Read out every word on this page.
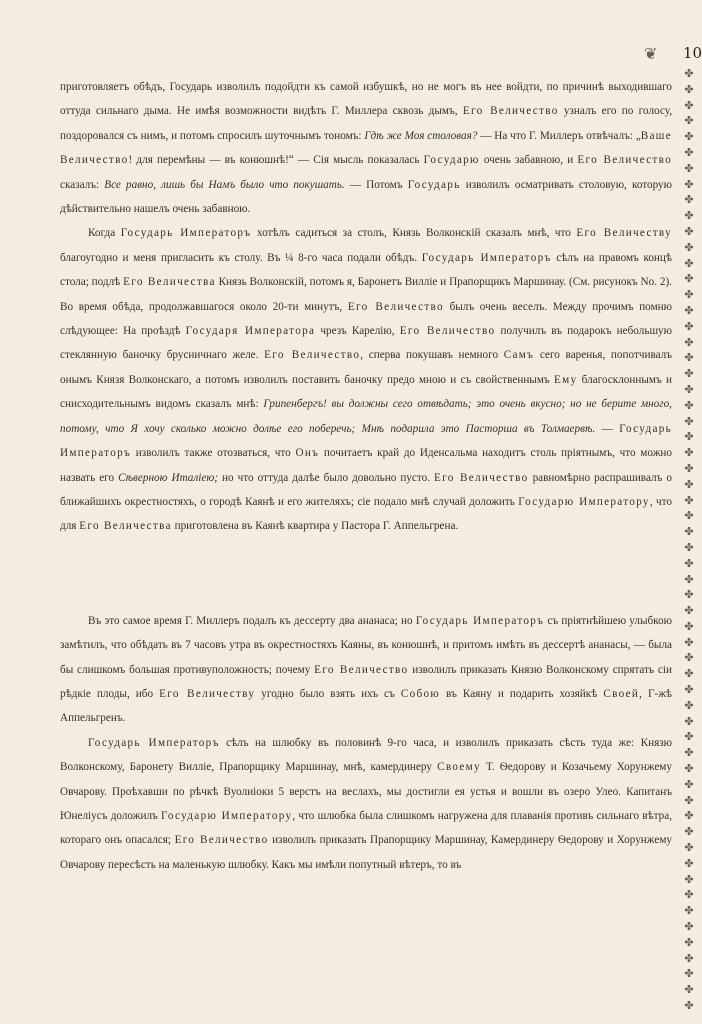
❦ 10
✤ ✤ ✤ ✤ ✤ ✤ ✤ ✤ ✤ ✤ ✤ ✤ ✤ ✤ ✤ ✤ ✤ ✤ ✤ ✤ ✤ ✤ ✤ ✤ ✤ ✤ ✤ ✤ ✤ ✤ ✤ ✤ ✤ ✤ ✤ ✤ ✤ ✤ ✤ ✤ ✤ ✤ ✤ ✤ ✤ ✤ ✤ ✤ ✤ ✤ ✤ ✤ ✤ ✤ ✤ ✤ ✤ ✤ ✤ ✤

приготовляетъ обѣдъ, Государь изволилъ подойдти къ самой избушкѣ, но не могъ въ нее войдти, по причинѣ выходившаго оттуда сильнаго дыма. Не имѣя возможности видѣть Г. Миллера сквозь дымъ, Его Величество узналъ его по голосу, поздоровался съ нимъ, и потомъ спросилъ шуточнымъ тономъ: Гдѣ же Моя столовая? — На что Г. Миллеръ отвѣчалъ: „Ваше Величество! для перемѣны — въ конюшнѣ!“ — Сія мысль показалась Государю очень забавною, и Его Величество сказалъ: Все равно, лишь бы Намъ было что покушать. — Потомъ Государь изволилъ осматривать столовую, которую дѣйствительно нашелъ очень забавною.

Когда Государь Императоръ хотѣлъ садиться за столъ, Князь Волконскій сказалъ мнѣ, что Его Величеству благоугодно и меня пригласить къ столу. Въ ¼ 8-го часа подали обѣдъ. Государь Императоръ сѣлъ на правомъ концѣ стола; подлѣ Его Величества Князь Волконскій, потомъ я, Баронетъ Вилліе и Прапорщикъ Маршинау. (См. рисунокъ No. 2). Во время обѣда, продолжавшагося около 20-ти минутъ, Его Величество былъ очень веселъ. Между прочимъ помню слѣдующее: На проѣздѣ Государя Императора чрезъ Карелію, Его Величество получилъ въ подарокъ небольшую стеклянную баночку брусничнаго желе. Его Величество, сперва покушавъ немного Самъ сего варенья, попотчивалъ онымъ Князя Волконскаго, а потомъ изволилъ поставить баночку предо мною и съ свойственнымъ Ему благосклоннымъ и снисходительнымъ видомъ сказалъ мнѣ: Грипенбергъ! вы должны сего отвѣдать; это очень вкусно; но не берите много, потому, что Я хочу сколько можно долѣе его поберечь; Мнѣ подарила это Пасторша въ Толмаервѣ. — Государь Императоръ изволилъ также отозваться, что Онъ почитаетъ край до Иденсальма находитъ столь пріятнымъ, что можно назвать его Сѣверною Италіею; но что оттуда далѣе было довольно пусто. Его Величество равномѣрно распрашивалъ о ближайшихъ окрестностяхъ, о городѣ Каянѣ и его жителяхъ; сіе подало мнѣ случай доложить Государю Императору, что для Его Величества приготовлена въ Каянѣ квартира у Пастора Г. Аппельгрена.

Въ это самое время Г. Миллеръ подалъ къ дессерту два ананаса; но Государь Императоръ съ пріятнѣйшею улыбкою замѣтилъ, что обѣдать въ 7 часовъ утра въ окрестностяхъ Каяны, въ конюшнѣ, и притомъ имѣть въ дессертѣ ананасы, — была бы слишкомъ большая противуположность; почему Его Величество изволилъ приказать Князю Волконскому спрятать сіи рѣдкіе плоды, ибо Его Величеству угодно было взять ихъ съ Собою въ Каяну и подарить хозяйкѣ Своей, Г-жѣ Аппельгренъ.

Государь Императоръ сѣлъ на шлюбку въ половинѣ 9-го часа, и изволилъ приказать сѣсть туда же: Князю Волконскому, Баронету Вилліе, Прапорщику Маршинау, мнѣ, камердинеру Своему Т. Ѳедорову и Козачьему Хорунжему Овчарову. Проѣхавши по рѣчкѣ Вуолиіоки 5 верстъ на веслахъ, мы достигли ея устья и вошли въ озеро Улео. Капитанъ Юнеліусъ доложилъ Государю Императору, что шлюбка была слишкомъ нагружена для плаванія противъ сильнаго вѣтра, котораго онъ опасался; Его Величество изволилъ приказать Прапорщику Маршинау, Камердинеру Ѳедорову и Хорунжему Овчарову пересѣсть на маленькую шлюбку. Какъ мы имѣли попутный вѣтеръ, то въ
